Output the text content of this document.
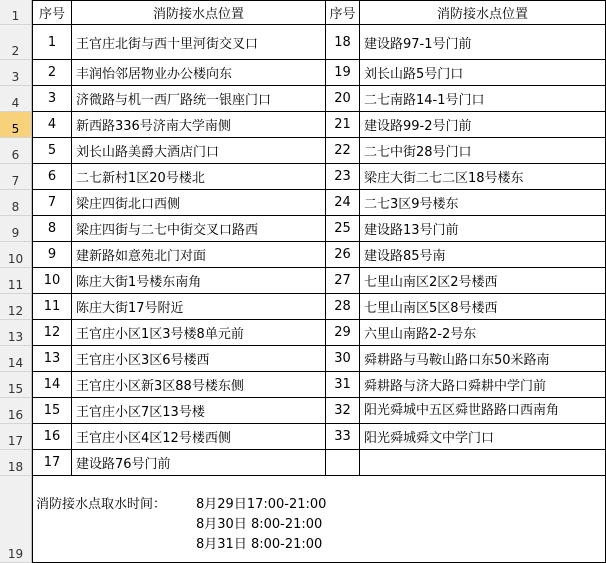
1
2
3
4
5
6
7
8
9
10
11
12
13
14
15
16
17
18
19
序号	消防接水点位置	序号	消防接水点位置
1	王官庄北街与西十里河街交叉口	18	建设路97-1号门前
2	丰润怡邻居物业办公楼向东	19	刘长山路5号门口
3	济微路与机一西厂路统一银座门口	20	二七南路14-1号门口
4	新西路336号济南大学南侧	21	建设路99-2号门前
5	刘长山路美爵大酒店门口	22	二七中街28号门口
6	二七新村1区20号楼北	23	梁庄大街二七二区18号楼东
7	梁庄四街北口西侧	24	二七3区9号楼东
8	梁庄四街与二七中街交叉口路西	25	建设路13号门前
9	建新路如意苑北门对面	26	建设路85号南
10	陈庄大街1号楼东南角	27	七里山南区2区2号楼西
11	陈庄大街17号附近	28	七里山南区5区8号楼西
12	王官庄小区1区3号楼8单元前	29	六里山南路2-2号东
13	王官庄小区3区6号楼西	30	舜耕路与马鞍山路口东50米路南
14	王官庄小区新3区88号楼东侧	31	舜耕路与济大路口舜耕中学门前
15	王官庄小区7区13号楼	32	阳光舜城中五区舜世路路口西南角
16	王官庄小区4区12号楼西侧	33	阳光舜城舜文中学门口
17	建设路76号门前
消防接水点取水时间： 8月29日17:00-21:00
8月30日 8:00-21:00
8月31日 8:00-21:00
